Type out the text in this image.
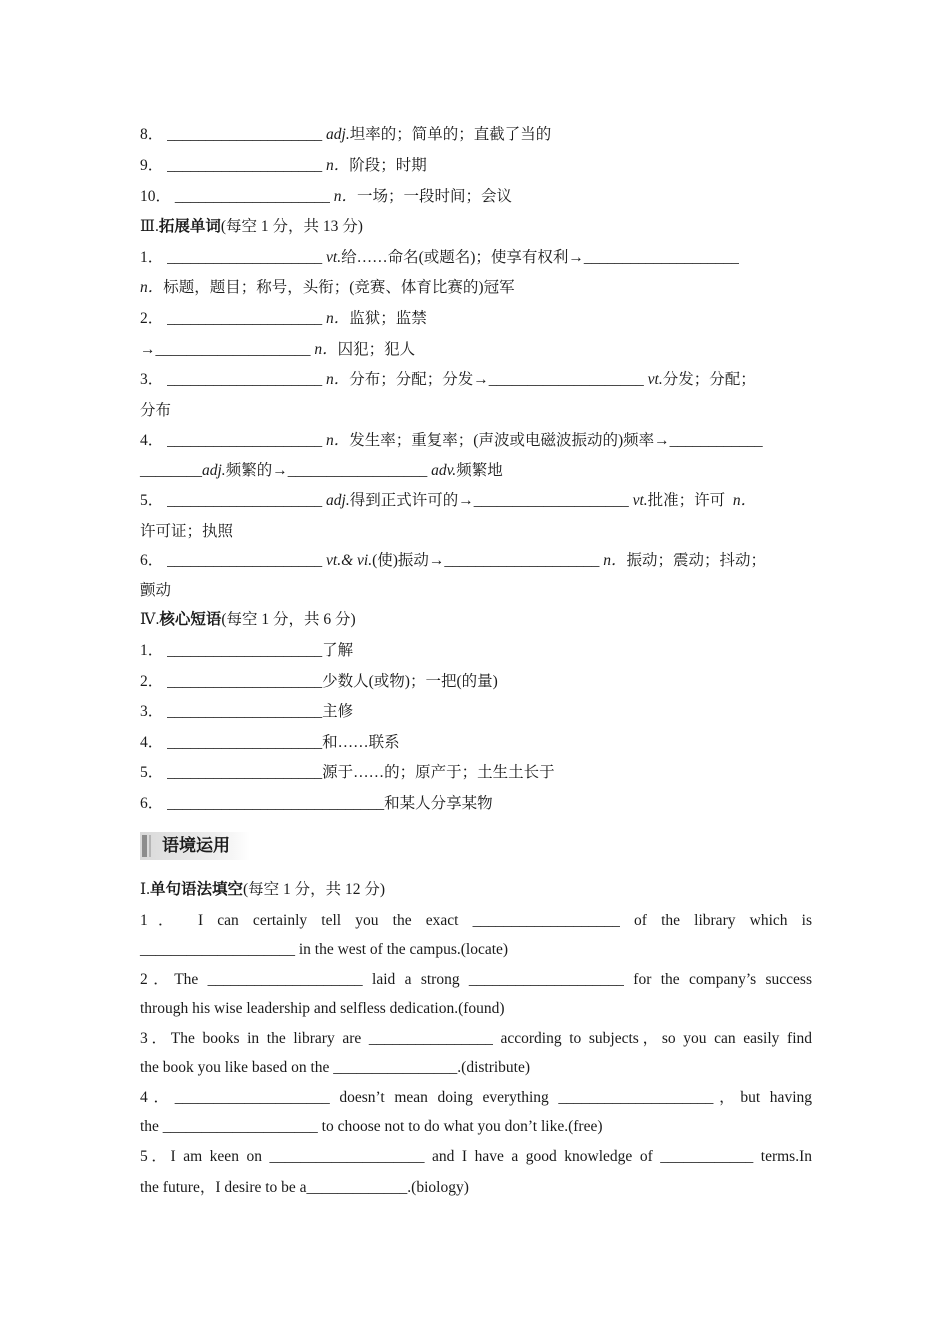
8． ____________________ adj.坦率的；简单的；直截了当的
9． ____________________ n．阶段；时期
10． ____________________ n．一场；一段时间；会议
Ⅲ.拓展单词(每空 1 分，共 13 分)
1． ____________________ vt.给……命名(或题名)；使享有权利→____________________
n．标题，题目；称号，头衔；(竞赛、体育比赛的)冠军
2． ____________________ n．监狱；监禁
→____________________ n．囚犯；犯人
3． ____________________ n．分布；分配；分发→____________________ vt.分发；分配；
分布
4． ____________________ n．发生率；重复率；(声波或电磁波振动的)频率→____________
________adj.频繁的→__________________ adv.频繁地
5． ____________________ adj.得到正式许可的→____________________ vt.批准；许可 n．
许可证；执照
6． ____________________ vt.& vi.(使)振动→____________________ n．振动；震动；抖动；
颤动
Ⅳ.核心短语(每空 1 分，共 6 分)
1． ____________________了解
2． ____________________少数人(或物)；一把(的量)
3． ____________________主修
4． ____________________和……联系
5． ____________________源于……的；原产于；土生土长于
6． ____________________________和某人分享某物
语境运用
Ⅰ.单句语法填空(每空 1 分，共 12 分)
1． I can certainly tell you the exact ___________________ of the library which is
____________________ in the west of the campus.(locate)
2．The ____________________ laid a strong ____________________ for the company’s success
through his wise leadership and selfless dedication.(found)
3．The books in the library are ________________ according to subjects，so you can easily find
the book you like based on the ________________.(distribute)
4．____________________ doesn’t mean doing everything ____________________，but having
the ____________________ to choose not to do what you don’t like.(free)
5．I am keen on ____________________ and I have a good knowledge of ____________ terms.In
the future，I desire to be a_____________.(biology)
